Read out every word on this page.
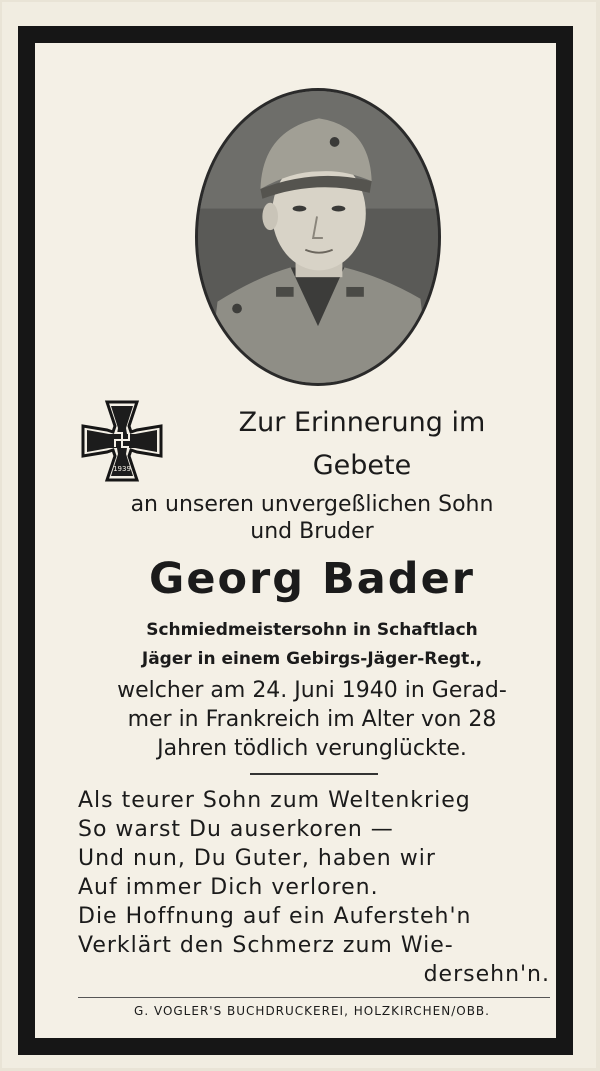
1939
Zur Erinnerung im
Gebete
an unseren unvergeßlichen Sohn
und Bruder
Georg Bader
Schmiedmeistersohn in Schaftlach
Jäger in einem Gebirgs-Jäger-Regt.,
welcher am 24. Juni 1940 in Gerad-
mer in Frankreich im Alter von 28
Jahren tödlich verunglückte.
Als teurer Sohn zum Weltenkrieg
So warst Du auserkoren —
Und nun, Du Guter, haben wir
Auf immer Dich verloren.
Die Hoffnung auf ein Aufersteh'n
Verklärt den Schmerz zum Wie-
dersehn'n.
G. VOGLER'S BUCHDRUCKEREI, HOLZKIRCHEN/OBB.
